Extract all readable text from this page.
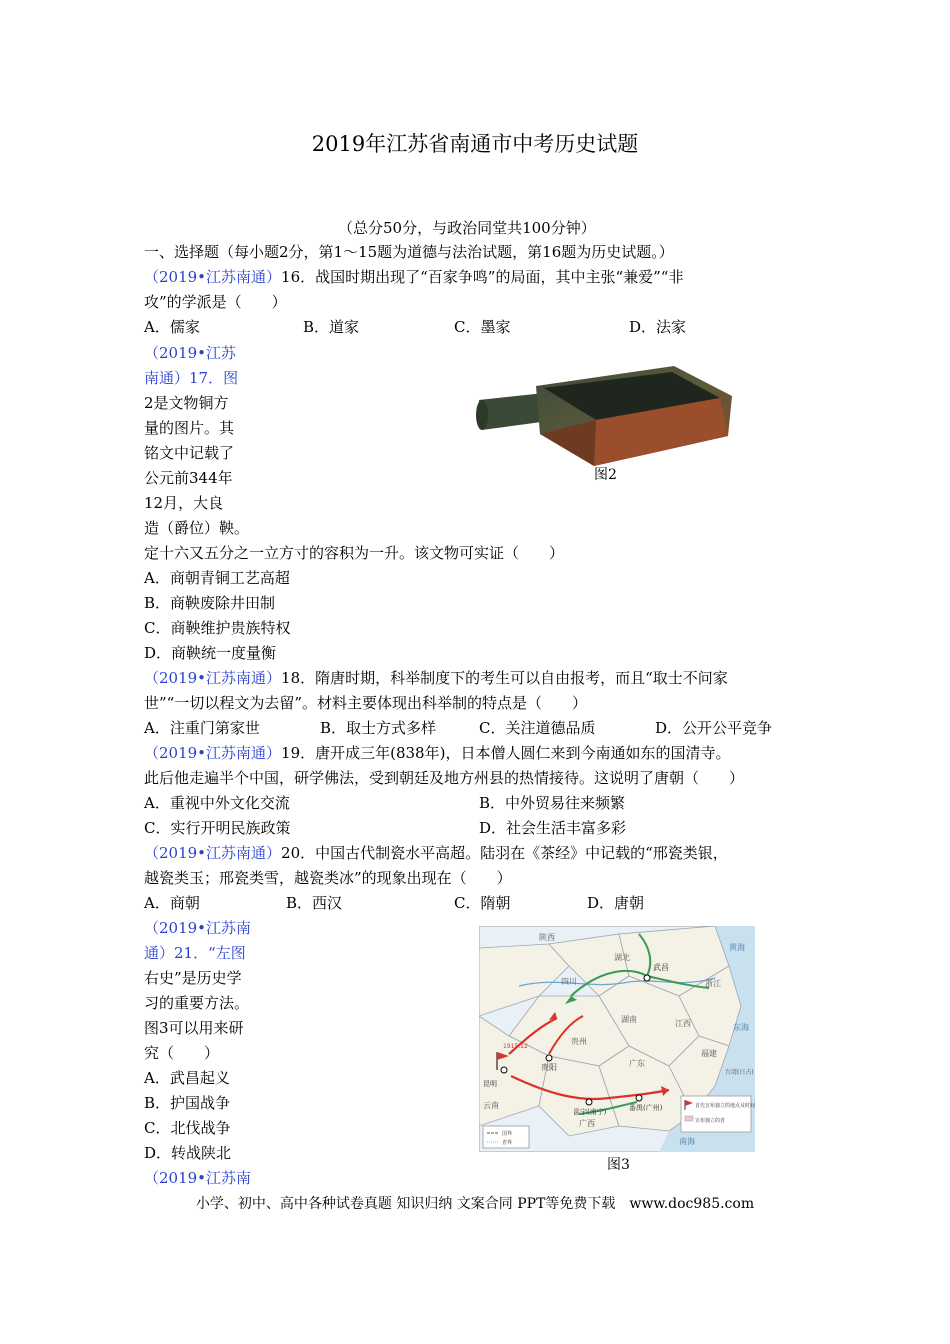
2019年江苏省南通市中考历史试题
（总分50分，与政治同堂共100分钟）
一、选择题（每小题2分，第1～15题为道德与法治试题，第16题为历史试题。）
（2019•江苏南通）16．战国时期出现了“百家争鸣”的局面，其中主张“兼爱”“非
攻”的学派是（　　）
A．儒家	B．道家	C．墨家	D．法家
（2019•江苏
南通）17．图
2是文物铜方
量的图片。其
铭文中记载了
公元前344年
12月，大良
造（爵位）鞅。
图2
定十六又五分之一立方寸的容积为一升。该文物可实证（　　）
A．商朝青铜工艺高超
B．商鞅废除井田制
C．商鞅维护贵族特权
D．商鞅统一度量衡
（2019•江苏南通）18．隋唐时期，科举制度下的考生可以自由报考，而且“取士不问家
世”“一切以程文为去留”。材料主要体现出科举制的特点是（　　）
A．注重门第家世	B．取士方式多样	C．关注道德品质	D．公开公平竞争
（2019•江苏南通）19．唐开成三年(838年)，日本僧人圆仁来到今南通如东的国清寺。
此后他走遍半个中国，研学佛法，受到朝廷及地方州县的热情接待。这说明了唐朝（　　）
A．重视中外文化交流	B．中外贸易往来频繁
C．实行开明民族政策	D．社会生活丰富多彩
（2019•江苏南通）20．中国古代制瓷水平高超。陆羽在《茶经》中记载的“邢瓷类银，
越瓷类玉；邢瓷类雪，越瓷类冰”的现象出现在（　　）
A．商朝	B．西汉	C．隋朝	D．唐朝
（2019•江苏南
通）21．“左图
右史”是历史学
习的重要方法。
图3可以用来研
究（　　）
A．武昌起义
B．护国战争
C．北伐战争
D．转战陕北
（2019•江苏南
陕西
四川
武昌
湖北
湖南
贵州
贵阳
昆明
1915.12
云南
邕宁(南宁)
广西
番禺(广州)
广东
江西
浙江
福建
台湾(日占)
黄海
东海
南海
首先宣布独立的地点及时间
宣布独立的省
国界
省界
图3
小学、初中、高中各种试卷真题 知识归纳 文案合同 PPT等免费下载　www.doc985.com
